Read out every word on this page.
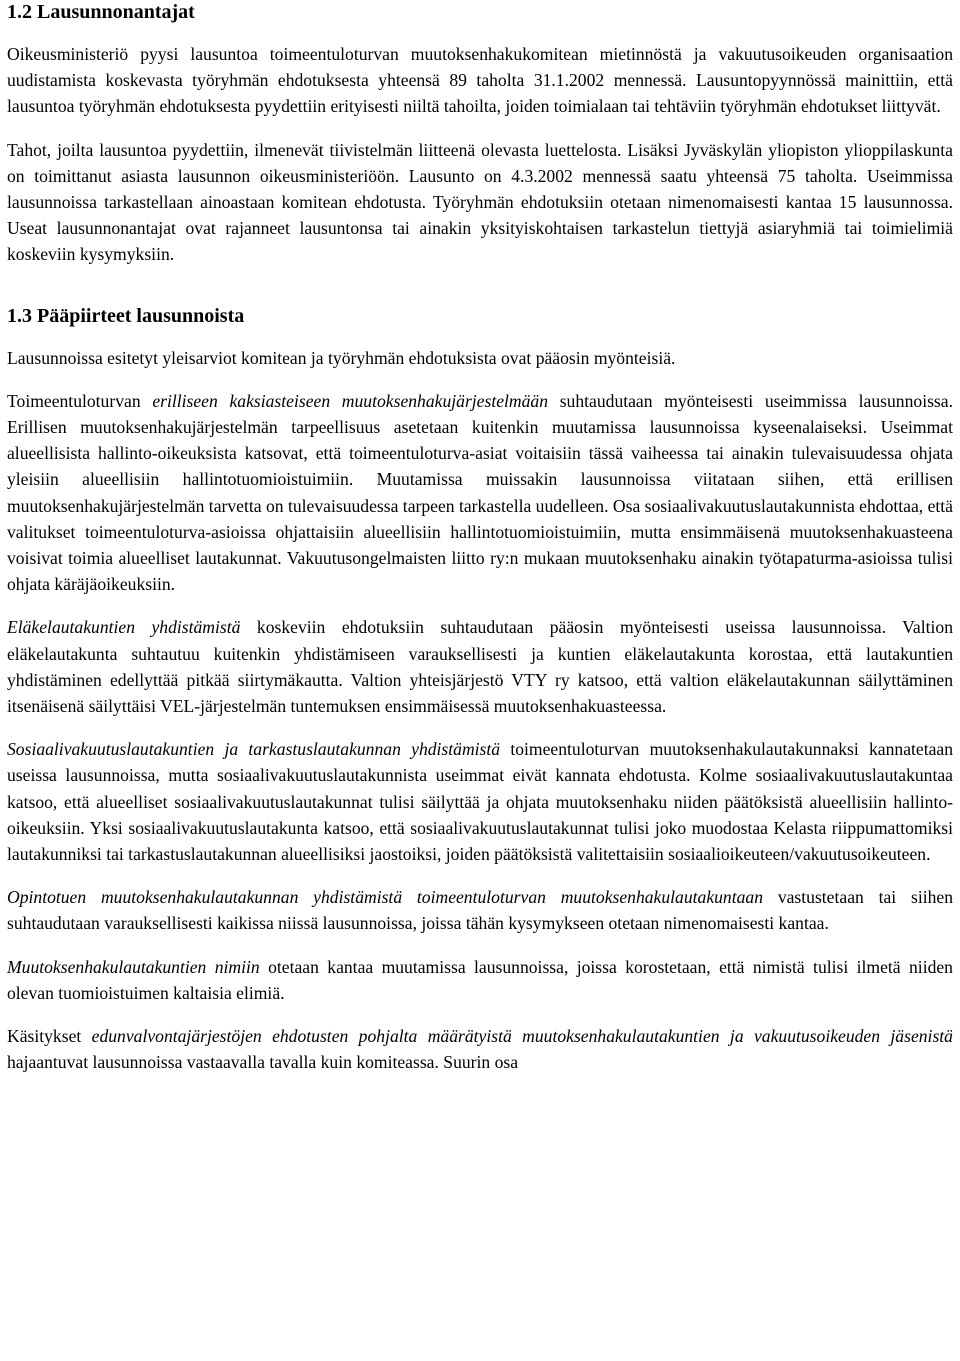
1.2 Lausunnonantajat

Oikeusministeriö pyysi lausuntoa toimeentuloturvan muutoksenhakukomitean mietinnöstä ja vakuutusoikeuden organisaation uudistamista koskevasta työryhmän ehdotuksesta yhteensä 89 taholta 31.1.2002 mennessä. Lausuntopyynnössä mainittiin, että lausuntoa työryhmän ehdotuksesta pyydettiin erityisesti niiltä tahoilta, joiden toimialaan tai tehtäviin työryhmän ehdotukset liittyvät.

Tahot, joilta lausuntoa pyydettiin, ilmenevät tiivistelmän liitteenä olevasta luettelosta. Lisäksi Jyväskylän yliopiston ylioppilaskunta on toimittanut asiasta lausunnon oikeusministeriöön. Lausunto on 4.3.2002 mennessä saatu yhteensä 75 taholta. Useimmissa lausunnoissa tarkastellaan ainoastaan komitean ehdotusta. Työryhmän ehdotuksiin otetaan nimenomaisesti kantaa 15 lausunnossa. Useat lausunnonantajat ovat rajanneet lausuntonsa tai ainakin yksityiskohtaisen tarkastelun tiettyjä asiaryhmiä tai toimielimiä koskeviin kysymyksiin.

1.3 Pääpiirteet lausunnoista

Lausunnoissa esitetyt yleisarviot komitean ja työryhmän ehdotuksista ovat pääosin myönteisiä.

Toimeentuloturvan erilliseen kaksiasteiseen muutoksenhakujärjestelmään suhtaudutaan myönteisesti useimmissa lausunnoissa. Erillisen muutoksenhakujärjestelmän tarpeellisuus asetetaan kuitenkin muutamissa lausunnoissa kyseenalaiseksi. Useimmat alueellisista hallinto-oikeuksista katsovat, että toimeentuloturva-asiat voitaisiin tässä vaiheessa tai ainakin tulevaisuudessa ohjata yleisiin alueellisiin hallintotuomioistuimiin. Muutamissa muissakin lausunnoissa viitataan siihen, että erillisen muutoksenhakujärjestelmän tarvetta on tulevaisuudessa tarpeen tarkastella uudelleen. Osa sosiaalivakuutuslautakunnista ehdottaa, että valitukset toimeentuloturva-asioissa ohjattaisiin alueellisiin hallintotuomioistuimiin, mutta ensimmäisenä muutoksenhakuasteena voisivat toimia alueelliset lautakunnat. Vakuutusongelmaisten liitto ry:n mukaan muutoksenhaku ainakin työtapaturma-asioissa tulisi ohjata käräjäoikeuksiin.

Eläkelautakuntien yhdistämistä koskeviin ehdotuksiin suhtaudutaan pääosin myönteisesti useissa lausunnoissa. Valtion eläkelautakunta suhtautuu kuitenkin yhdistämiseen varauksellisesti ja kuntien eläkelautakunta korostaa, että lautakuntien yhdistäminen edellyttää pitkää siirtymäkautta. Valtion yhteisjärjestö VTY ry katsoo, että valtion eläkelautakunnan säilyttäminen itsenäisenä säilyttäisi VEL-järjestelmän tuntemuksen ensimmäisessä muutoksenhakuasteessa.

Sosiaalivakuutuslautakuntien ja tarkastuslautakunnan yhdistämistä toimeentuloturvan muutoksenhakulautakunnaksi kannatetaan useissa lausunnoissa, mutta sosiaalivakuutuslautakunnista useimmat eivät kannata ehdotusta. Kolme sosiaalivakuutuslautakuntaa katsoo, että alueelliset sosiaalivakuutuslautakunnat tulisi säilyttää ja ohjata muutoksenhaku niiden päätöksistä alueellisiin hallinto-oikeuksiin. Yksi sosiaalivakuutuslautakunta katsoo, että sosiaalivakuutuslautakunnat tulisi joko muodostaa Kelasta riippumattomiksi lautakunniksi tai tarkastuslautakunnan alueellisiksi jaostoiksi, joiden päätöksistä valitettaisiin sosiaalioikeuteen/vakuutusoikeuteen.

Opintotuen muutoksenhakulautakunnan yhdistämistä toimeentuloturvan muutoksenhakulautakuntaan vastustetaan tai siihen suhtaudutaan varauksellisesti kaikissa niissä lausunnoissa, joissa tähän kysymykseen otetaan nimenomaisesti kantaa.

Muutoksenhakulautakuntien nimiin otetaan kantaa muutamissa lausunnoissa, joissa korostetaan, että nimistä tulisi ilmetä niiden olevan tuomioistuimen kaltaisia elimiä.

Käsitykset edunvalvontajärjestöjen ehdotusten pohjalta määrätyistä muutoksenhakulautakuntien ja vakuutusoikeuden jäsenistä hajaantuvat lausunnoissa vastaavalla tavalla kuin komiteassa. Suurin osa
